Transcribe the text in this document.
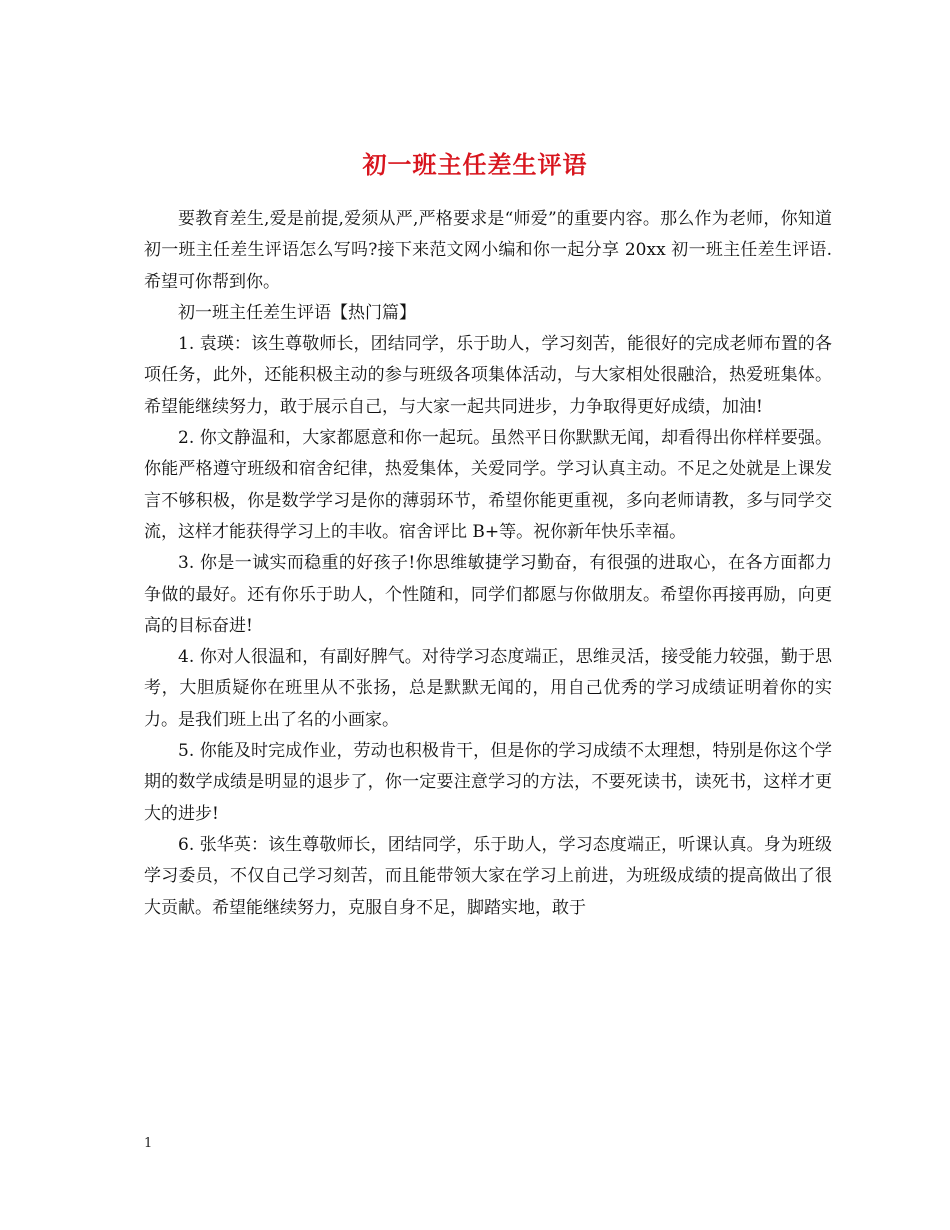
初一班主任差生评语

要教育差生,爱是前提,爱须从严,严格要求是“师爱”的重要内容。那么作为老师，你知道初一班主任差生评语怎么写吗?接下来范文网小编和你一起分享 20xx 初一班主任差生评语.希望可你帮到你。

初一班主任差生评语【热门篇】

1. 袁瑛：该生尊敬师长，团结同学，乐于助人，学习刻苦，能很好的完成老师布置的各项任务，此外，还能积极主动的参与班级各项集体活动，与大家相处很融洽，热爱班集体。希望能继续努力，敢于展示自己，与大家一起共同进步，力争取得更好成绩，加油!

2. 你文静温和，大家都愿意和你一起玩。虽然平日你默默无闻，却看得出你样样要强。你能严格遵守班级和宿舍纪律，热爱集体，关爱同学。学习认真主动。不足之处就是上课发言不够积极，你是数学学习是你的薄弱环节，希望你能更重视，多向老师请教，多与同学交流，这样才能获得学习上的丰收。宿舍评比 B+等。祝你新年快乐幸福。

3. 你是一诚实而稳重的好孩子!你思维敏捷学习勤奋，有很强的进取心，在各方面都力争做的最好。还有你乐于助人，个性随和，同学们都愿与你做朋友。希望你再接再励，向更高的目标奋进!

4. 你对人很温和，有副好脾气。对待学习态度端正，思维灵活，接受能力较强，勤于思考，大胆质疑你在班里从不张扬，总是默默无闻的，用自己优秀的学习成绩证明着你的实力。是我们班上出了名的小画家。

5. 你能及时完成作业，劳动也积极肯干，但是你的学习成绩不太理想，特别是你这个学期的数学成绩是明显的退步了，你一定要注意学习的方法，不要死读书，读死书，这样才更大的进步!

6. 张华英：该生尊敬师长，团结同学，乐于助人，学习态度端正，听课认真。身为班级学习委员，不仅自己学习刻苦，而且能带领大家在学习上前进，为班级成绩的提高做出了很大贡献。希望能继续努力，克服自身不足，脚踏实地，敢于

1
